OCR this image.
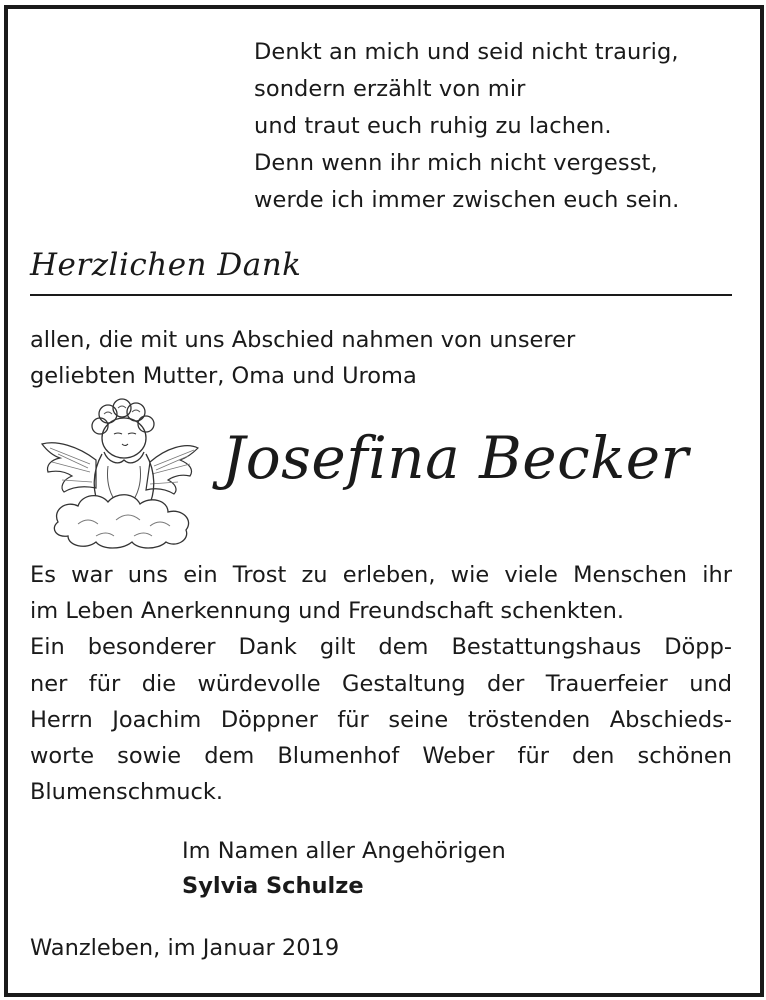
Denkt an mich und seid nicht traurig,
sondern erzählt von mir
und traut euch ruhig zu lachen.
Denn wenn ihr mich nicht vergesst,
werde ich immer zwischen euch sein.
Herzlichen Dank
allen, die mit uns Abschied nahmen von unserer
geliebten Mutter, Oma und Uroma
Josefina Becker
Es war uns ein Trost zu erleben, wie viele Menschen ihr
im Leben Anerkennung und Freundschaft schenkten.
Ein besonderer Dank gilt dem Bestattungshaus Döpp-
ner für die würdevolle Gestaltung der Trauerfeier und
Herrn Joachim Döppner für seine tröstenden Abschieds-
worte sowie dem Blumenhof Weber für den schönen
Blumenschmuck.
Im Namen aller Angehörigen
Sylvia Schulze
Wanzleben, im Januar 2019
